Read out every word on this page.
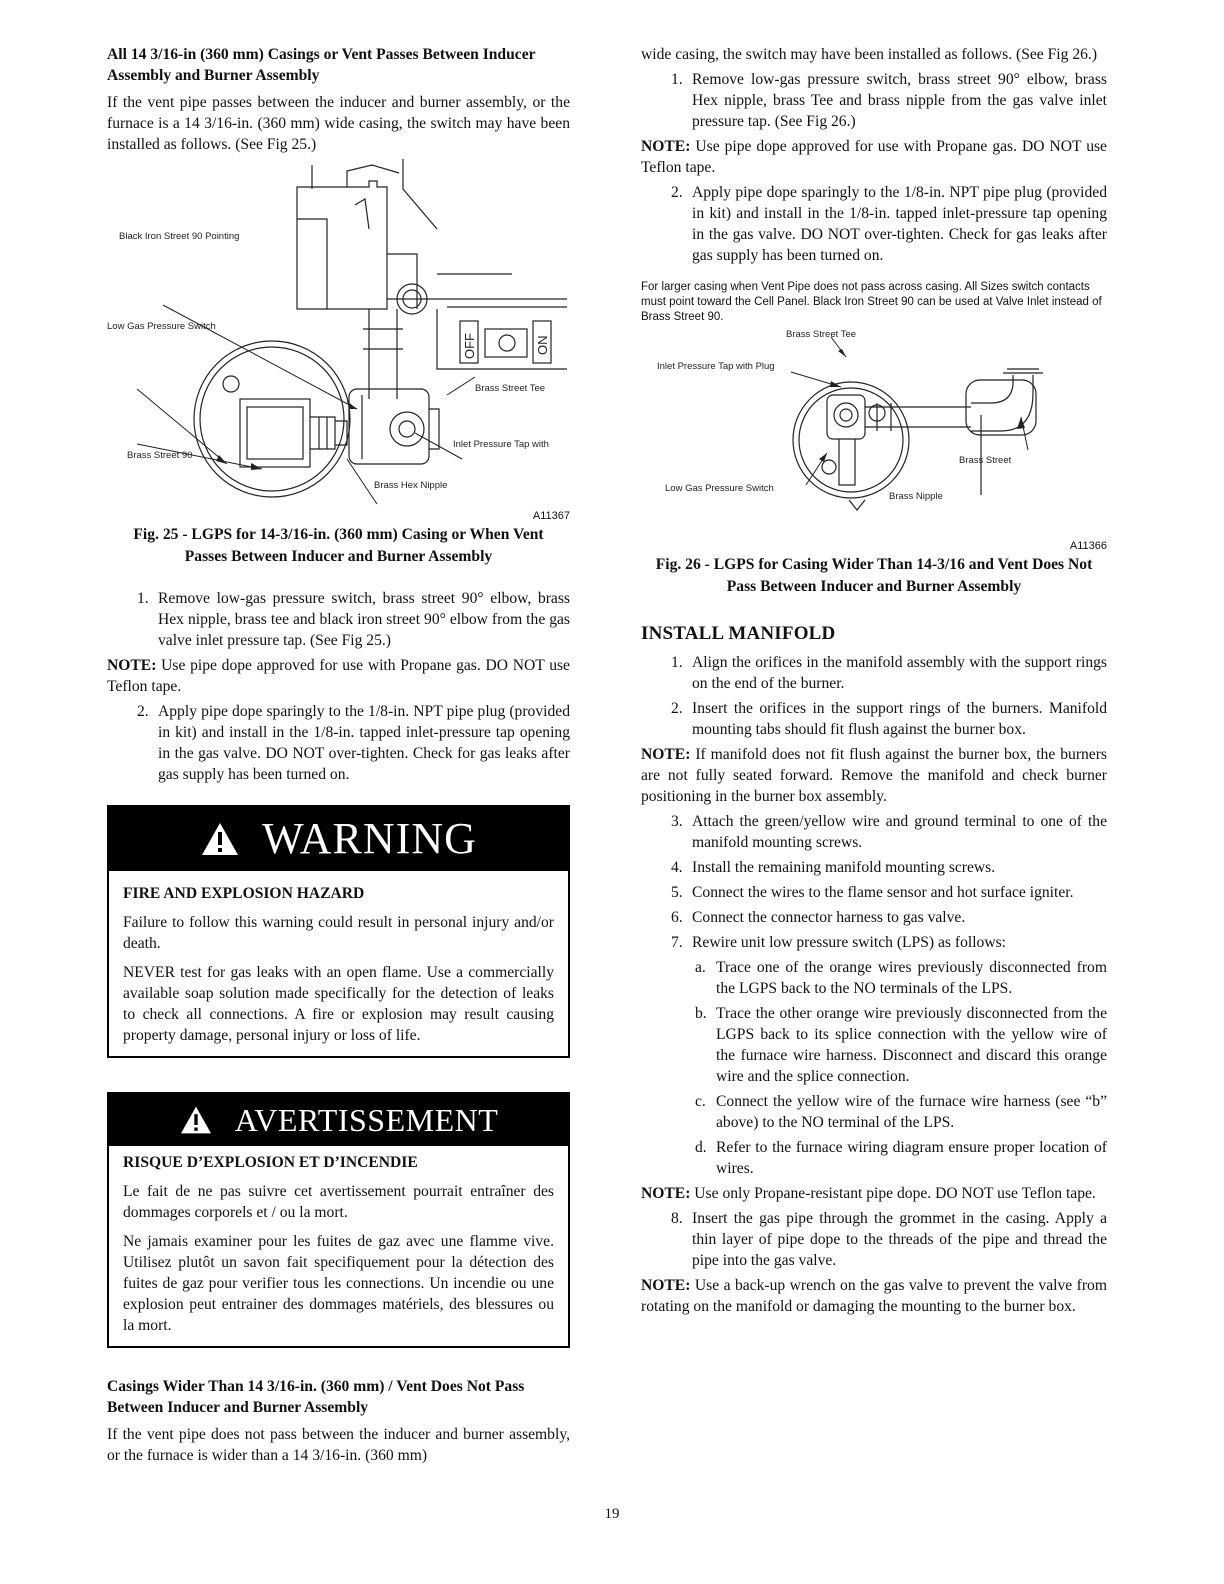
All 14 3/16-in (360 mm) Casings or Vent Passes Between Inducer Assembly and Burner Assembly

If the vent pipe passes between the inducer and burner assembly, or the furnace is a 14 3/16-in. (360 mm) wide casing, the switch may have been installed as follows. (See Fig 25.)

Black Iron Street 90 Pointing
Low Gas Pressure Switch
Brass Street Tee
Inlet Pressure Tap with
Brass Street 90
Brass Hex Nipple
OFF	ON
A11367

Fig. 25 - LGPS for 14-3/16-in. (360 mm) Casing or When Vent Passes Between Inducer and Burner Assembly

1. Remove low-gas pressure switch, brass street 90° elbow, brass Hex nipple, brass tee and black iron street 90° elbow from the gas valve inlet pressure tap. (See Fig 25.)

NOTE: Use pipe dope approved for use with Propane gas. DO NOT use Teflon tape.

2. Apply pipe dope sparingly to the 1/8-in. NPT pipe plug (provided in kit) and install in the 1/8-in. tapped inlet-pressure tap opening in the gas valve. DO NOT over-tighten. Check for gas leaks after gas supply has been turned on.
WARNING

FIRE AND EXPLOSION HAZARD

Failure to follow this warning could result in personal injury and/or death.

NEVER test for gas leaks with an open flame. Use a commercially available soap solution made specifically for the detection of leaks to check all connections. A fire or explosion may result causing property damage, personal injury or loss of life.

AVERTISSEMENT

RISQUE D’EXPLOSION ET D’INCENDIE

Le fait de ne pas suivre cet avertissement pourrait entraîner des dommages corporels et / ou la mort.

Ne jamais examiner pour les fuites de gaz avec une flamme vive. Utilisez plutôt un savon fait specifiquement pour la détection des fuites de gaz pour verifier tous les connections. Un incendie ou une explosion peut entrainer des dommages matériels, des blessures ou la mort.

Casings Wider Than 14 3/16-in. (360 mm) / Vent Does Not Pass Between Inducer and Burner Assembly

If the vent pipe does not pass between the inducer and burner assembly, or the furnace is wider than a 14 3/16-in. (360 mm)

wide casing, the switch may have been installed as follows. (See Fig 26.)

1. Remove low-gas pressure switch, brass street 90° elbow, brass Hex nipple, brass Tee and brass nipple from the gas valve inlet pressure tap. (See Fig 26.)

NOTE: Use pipe dope approved for use with Propane gas. DO NOT use Teflon tape.

2. Apply pipe dope sparingly to the 1/8-in. NPT pipe plug (provided in kit) and install in the 1/8-in. tapped inlet-pressure tap opening in the gas valve. DO NOT over-tighten. Check for gas leaks after gas supply has been turned on.

For larger casing when Vent Pipe does not pass across casing. All Sizes switch contacts must point toward the Cell Panel. Black Iron Street 90 can be used at Valve Inlet instead of Brass Street 90.

Brass Street Tee
Inlet Pressure Tap with Plug
Brass Street
Low Gas Pressure Switch
Brass Nipple
A11366

Fig. 26 - LGPS for Casing Wider Than 14-3/16 and Vent Does Not Pass Between Inducer and Burner Assembly

INSTALL MANIFOLD

1. Align the orifices in the manifold assembly with the support rings on the end of the burner.
2. Insert the orifices in the support rings of the burners. Manifold mounting tabs should fit flush against the burner box.

NOTE: If manifold does not fit flush against the burner box, the burners are not fully seated forward. Remove the manifold and check burner positioning in the burner box assembly.

3. Attach the green/yellow wire and ground terminal to one of the manifold mounting screws.
4. Install the remaining manifold mounting screws.
5. Connect the wires to the flame sensor and hot surface igniter.
6. Connect the connector harness to gas valve.
7. Rewire unit low pressure switch (LPS) as follows:
a. Trace one of the orange wires previously disconnected from the LGPS back to the NO terminals of the LPS.
b. Trace the other orange wire previously disconnected from the LGPS back to its splice connection with the yellow wire of the furnace wire harness. Disconnect and discard this orange wire and the splice connection.
c. Connect the yellow wire of the furnace wire harness (see “b” above) to the NO terminal of the LPS.
d. Refer to the furnace wiring diagram ensure proper location of wires.

NOTE: Use only Propane-resistant pipe dope. DO NOT use Teflon tape.

8. Insert the gas pipe through the grommet in the casing. Apply a thin layer of pipe dope to the threads of the pipe and thread the pipe into the gas valve.

NOTE: Use a back-up wrench on the gas valve to prevent the valve from rotating on the manifold or damaging the mounting to the burner box.

19
